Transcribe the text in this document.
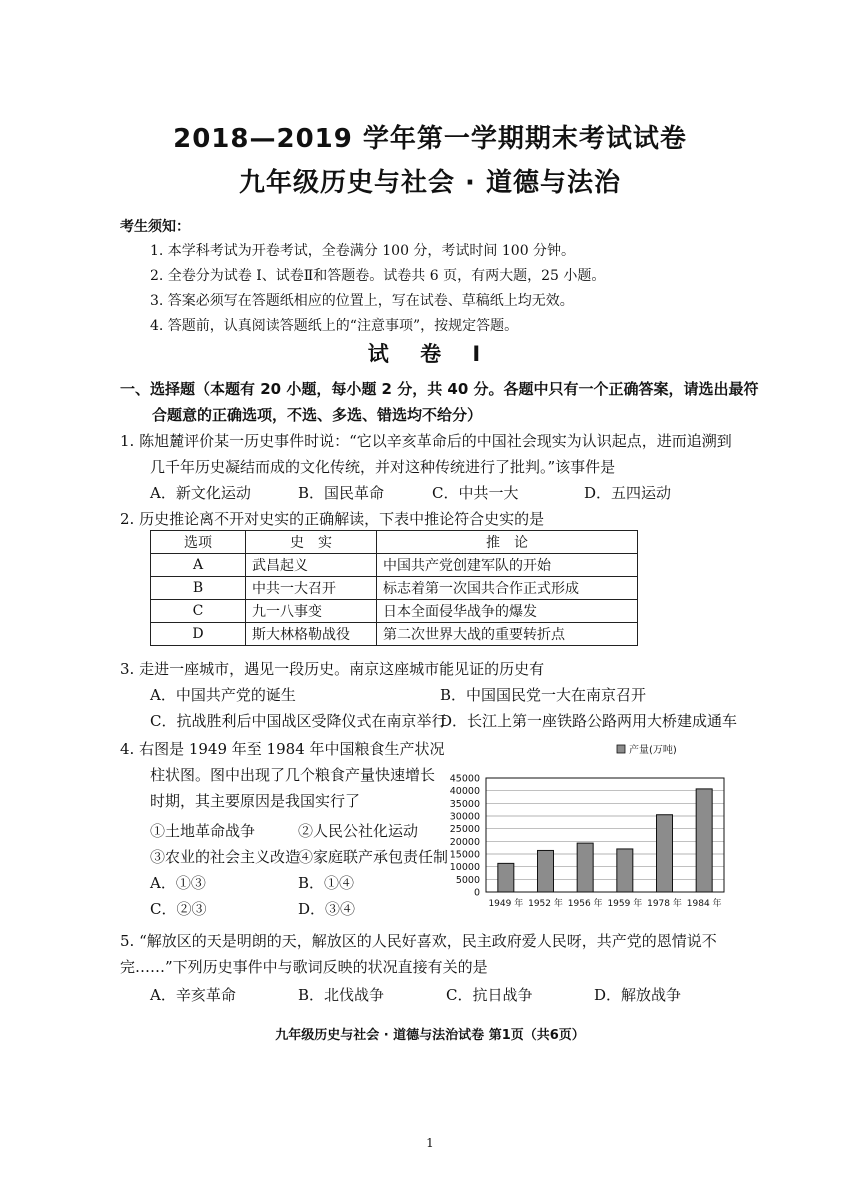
2018—2019 学年第一学期期末考试试卷
九年级历史与社会 · 道德与法治
考生须知：
1. 本学科考试为开卷考试，全卷满分 100 分，考试时间 100 分钟。
2. 全卷分为试卷 Ⅰ、试卷Ⅱ和答题卷。试卷共 6 页，有两大题，25 小题。
3. 答案必须写在答题纸相应的位置上，写在试卷、草稿纸上均无效。
4. 答题前，认真阅读答题纸上的“注意事项”，按规定答题。
试 卷 Ⅰ
一、选择题（本题有 20 小题，每小题 2 分，共 40 分。各题中只有一个正确答案，请选出最符
合题意的正确选项，不选、多选、错选均不给分）
1. 陈旭麓评价某一历史事件时说：“它以辛亥革命后的中国社会现实为认识起点，进而追溯到
几千年历史凝结而成的文化传统，并对这种传统进行了批判。”该事件是
A．新文化运动	B．国民革命	C．中共一大	D．五四运动
2. 历史推论离不开对史实的正确解读，下表中推论符合史实的是
选项	史　实	推　论
A	武昌起义	中国共产党创建军队的开始
B	中共一大召开	标志着第一次国共合作正式形成
C	九一八事变	日本全面侵华战争的爆发
D	斯大林格勒战役	第二次世界大战的重要转折点
3. 走进一座城市，遇见一段历史。南京这座城市能见证的历史有
A．中国共产党的诞生	B．中国国民党一大在南京召开
C．抗战胜利后中国战区受降仪式在南京举行
D．长江上第一座铁路公路两用大桥建成通车
4. 右图是 1949 年至 1984 年中国粮食生产状况
柱状图。图中出现了几个粮食产量快速增长
时期，其主要原因是我国实行了
①土地革命战争	②人民公社化运动
③农业的社会主义改造
④家庭联产承包责任制
A．①③	B．①④
C．②③	D．③④
产量(万吨)
45000
40000
35000
30000
25000
20000
15000
10000
5000
0
1949 年 1952 年 1956 年 1959 年 1978 年 1984 年
5. “解放区的天是明朗的天，解放区的人民好喜欢，民主政府爱人民呀，共产党的恩情说不
完……”下列历史事件中与歌词反映的状况直接有关的是
A．辛亥革命	B．北伐战争	C．抗日战争	D．解放战争
九年级历史与社会 · 道德与法治试卷 第1页（共6页）
1
